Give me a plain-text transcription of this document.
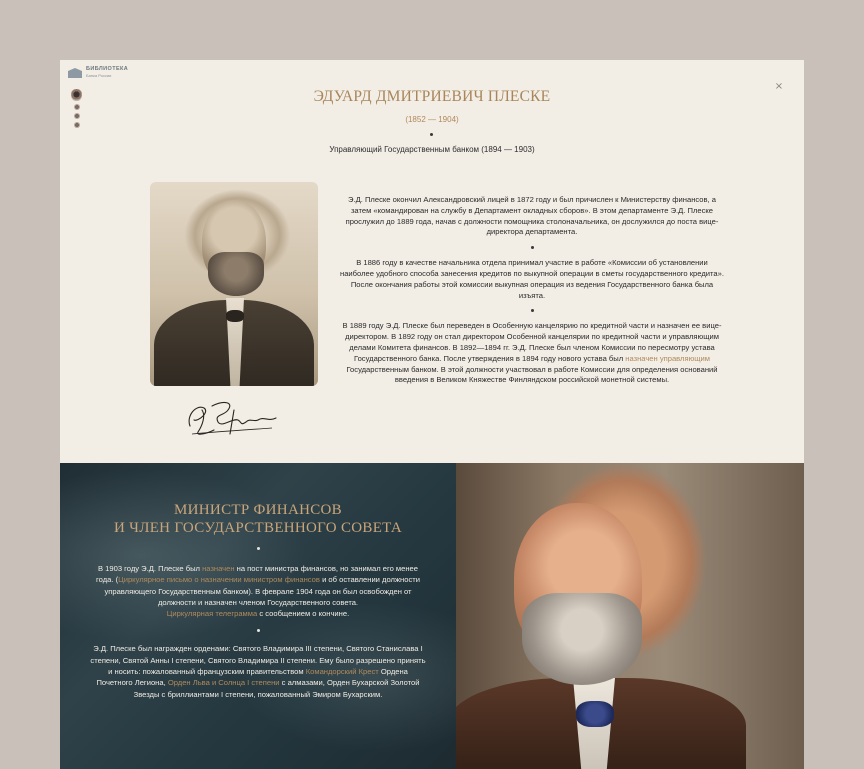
БИБЛИОТЕКА
Банка России
×
ЭДУАРД ДМИТРИЕВИЧ ПЛЕСКЕ
(1852 — 1904)
Управляющий Государственным банком (1894 — 1903)

Э.Д. Плеске окончил Александровский лицей в 1872 году и был причислен к Министерству финансов, а затем «командирован на службу в Департамент окладных сборов». В этом департаменте Э.Д. Плеске прослужил до 1889 года, начав с должности помощника столоначальника, он дослужился до поста вице-директора департамента.

В 1886 году в качестве начальника отдела принимал участие в работе «Комиссии об установлении наиболее удобного способа занесения кредитов по выкупной операции в сметы государственного кредита». После окончания работы этой комиссии выкупная операция из ведения Государственного банка была изъята.

В 1889 году Э.Д. Плеске был переведен в Особенную канцелярию по кредитной части и назначен ее вице-директором. В 1892 году он стал директором Особенной канцелярии по кредитной части и управляющим делами Комитета финансов. В 1892—1894 гг. Э.Д. Плеске был членом Комиссии по пересмотру устава Государственного банка. После утверждения в 1894 году нового устава был назначен управляющим Государственным банком. В этой должности участвовал в работе Комиссии для определения оснований введения в Великом Княжестве Финляндском российской монетной системы.

МИНИСТР ФИНАНСОВ
И ЧЛЕН ГОСУДАРСТВЕННОГО СОВЕТА

В 1903 году Э.Д. Плеске был назначен на пост министра финансов, но занимал его менее года. (Циркулярное письмо о назначении министром финансов и об оставлении должности управляющего Государственным банком). В феврале 1904 года он был освобожден от должности и назначен членом Государственного совета.
Циркулярная телеграмма с сообщением о кончине.

Э.Д. Плеске был награжден орденами: Святого Владимира III степени, Святого Станислава I степени, Святой Анны I степени, Святого Владимира II степени. Ему было разрешено принять и носить: пожалованный французским правительством Командорский Крест Ордена Почетного Легиона, Орден Льва и Солнца I степени с алмазами, Орден Бухарской Золотой Звезды с бриллиантами I степени, пожалованный Эмиром Бухарским.
